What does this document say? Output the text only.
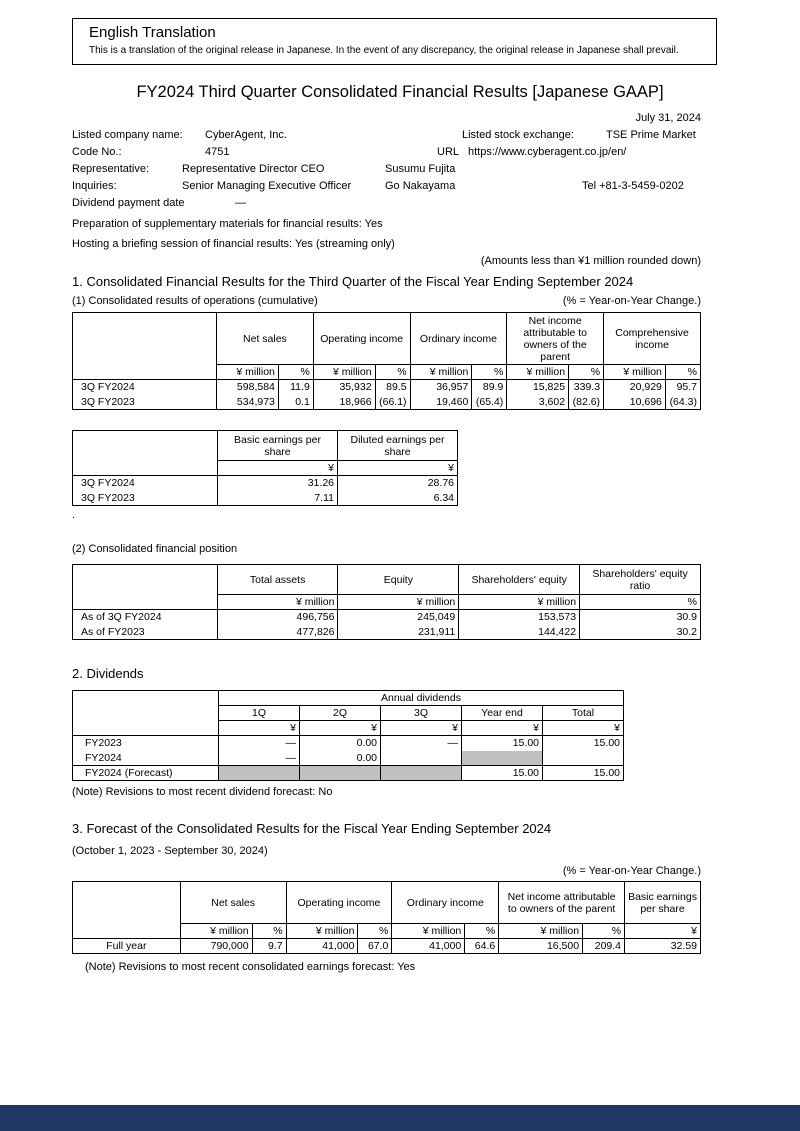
English Translation
This is a translation of the original release in Japanese. In the event of any discrepancy, the original release in Japanese shall prevail.
FY2024 Third Quarter Consolidated Financial Results [Japanese GAAP]
July 31, 2024
Listed company name: CyberAgent, Inc.	Listed stock exchange:	TSE Prime Market
Code No.:	4751	URL https://www.cyberagent.co.jp/en/
Representative:	Representative Director CEO	Susumu Fujita
Inquiries:	Senior Managing Executive Officer	Go Nakayama	Tel +81-3-5459-0202
Dividend payment date	—
Preparation of supplementary materials for financial results: Yes
Hosting a briefing session of financial results: Yes (streaming only)
(Amounts less than ¥1 million rounded down)
1. Consolidated Financial Results for the Third Quarter of the Fiscal Year Ending September 2024
(1) Consolidated results of operations (cumulative)	(% = Year-on-Year Change.)
	Net sales		Operating income		Ordinary income		Net income attributable to owners of the parent		Comprehensive income	
	¥ million	%	¥ million	%	¥ million	%	¥ million	%	¥ million	%
3Q FY2024	598,584	11.9	35,932	89.5	36,957	89.9	15,825	339.3	20,929	95.7
3Q FY2023	534,973	0.1	18,966	(66.1)	19,460	(65.4)	3,602	(82.6)	10,696	(64.3)
	Basic earnings per share	Diluted earnings per share
	¥	¥
3Q FY2024	31.26	28.76
3Q FY2023	7.11	6.34
.
(2) Consolidated financial position
	Total assets	Equity	Shareholders' equity	Shareholders' equity ratio
	¥ million	¥ million	¥ million	%
As of 3Q FY2024	496,756	245,049	153,573	30.9
As of FY2023	477,826	231,911	144,422	30.2
2. Dividends
	Annual dividends				
	1Q	2Q	3Q	Year end	Total
	¥	¥	¥	¥	¥
FY2023	—	0.00	—	15.00	15.00
FY2024	—	0.00			
FY2024 (Forecast)				15.00	15.00
(Note) Revisions to most recent dividend forecast: No
3. Forecast of the Consolidated Results for the Fiscal Year Ending September 2024
(October 1, 2023 - September 30, 2024)
(% = Year-on-Year Change.)
	Net sales		Operating income		Ordinary income		Net income attributable to owners of the parent		Basic earnings per share
	¥ million	%	¥ million	%	¥ million	%	¥ million	%	¥
Full year	790,000	9.7	41,000	67.0	41,000	64.6	16,500	209.4	32.59
(Note) Revisions to most recent consolidated earnings forecast: Yes
